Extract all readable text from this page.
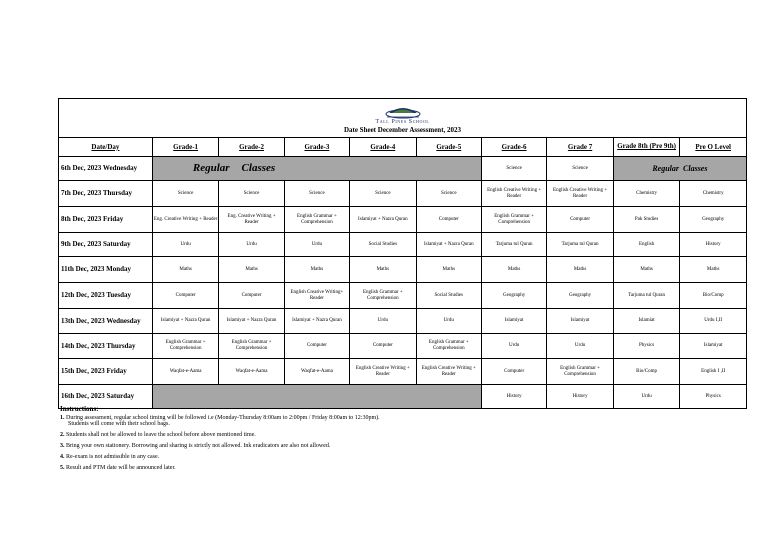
Tall Pines School
Date Sheet December Assessment, 2023
Date/Day	Grade-1	Grade-2	Grade-3	Grade-4	Grade-5	Grade-6	Grade 7	Grade 8th (Pre 9th)	Pre O Level
6th Dec, 2023 Wednesday	Regular Classes					Science	Science	Regular Classes	
7th Dec, 2023 Thursday	Science	Science	Science	Science	Science	English Creative Writing + Reader	English Creative Writing + Reader	Chemistry	Chemistry
8th Dec, 2023 Friday	Eng. Creative Writing + Reader	Eng. Creative Writing + Reader	English Grammar + Comprehension	Islamiyat + Nazra Quran	Computer	English Grammar + Comprehension	Computer	Pak Studies	Geography
9th Dec, 2023 Saturday	Urdu	Urdu	Urdu	Social Studies	Islamiyat + Nazra Quran	Tarjuma tul Quran	Tarjuma tul Quran	English	History
11th Dec, 2023 Monday	Maths	Maths	Maths	Maths	Maths	Maths	Maths	Maths	Maths
12th Dec, 2023 Tuesday	Computer	Computer	English Creative Writing+ Reader	English Grammar + Comprehension	Social Studies	Geography	Geography	Tarjuma tul Quran	Bio/Comp
13th Dec, 2023 Wednesday	Islamiyat + Nazra Quran	Islamiyat + Nazra Quran	Islamiyat + Nazra Quran	Urdu	Urdu	Islamiyat	Islamiyat	Islamiat	Urdu I,II
14th Dec, 2023 Thursday	English Grammar + Comprehension	English Grammar + Comprehension	Computer	Computer	English Grammar + Comprehension	Urdu	Urdu	Physics	Islamiyat
15th Dec, 2023 Friday	Waqfat-e-Aama	Waqfat-e-Aama	Waqfat-e-Aama	English Creative Writing + Reader	English Creative Writing + Reader	Computer	English Grammar + Comprehension	Bio/Comp	English I ,II
16th Dec, 2023 Saturday						History	History	Urdu	Physics
Instructions:

1. During assessment, regular school timing will be followed i.e (Monday-Thursday 8:00am to 2:00pm / Friday 8:00am to 12:30pm).
Students will come with their school bags.

2. Students shall not be allowed to leave the school before above mentioned time.

3. Bring your own stationery. Borrowing and sharing is strictly not allowed. Ink eradicators are also not allowed.

4. Re-exam is not admissible in any case.

5. Result and PTM date will be announced later.
